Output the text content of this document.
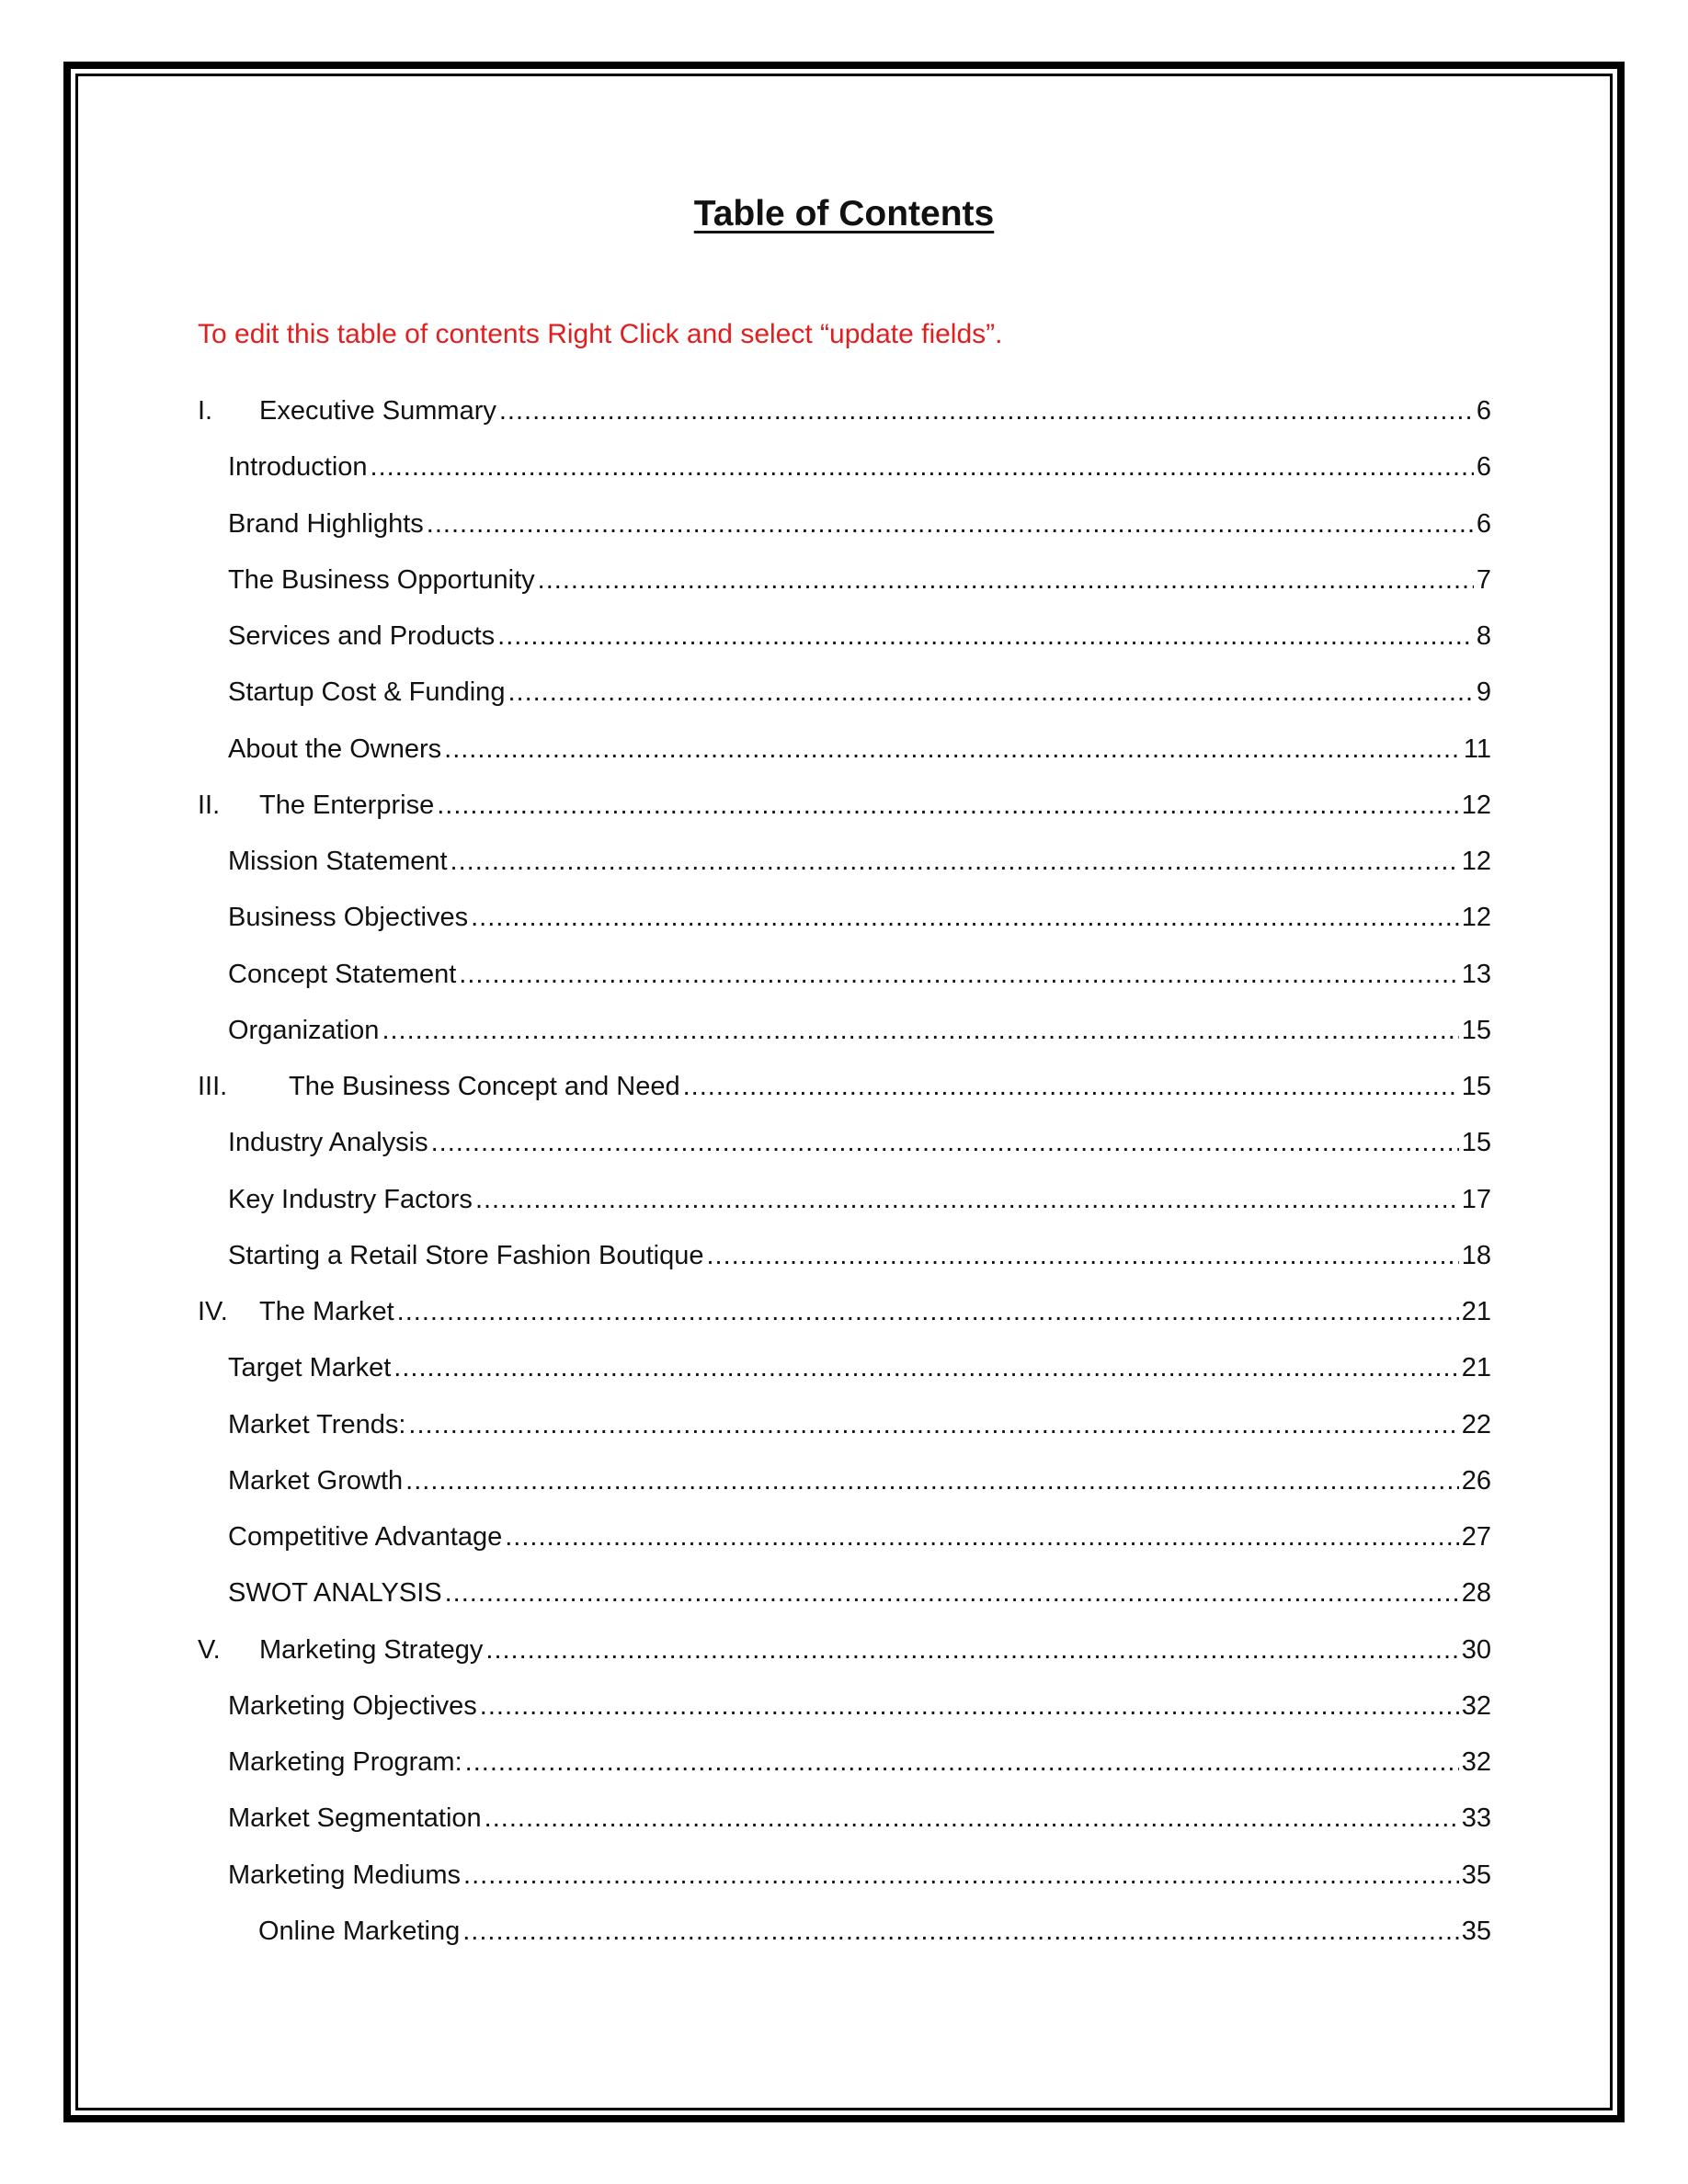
Table of Contents
To edit this table of contents Right Click and select “update fields”.
I.	Executive Summary .....	6
Introduction .....	6
Brand Highlights .....	6
The Business Opportunity .....	7
Services and Products .....	8
Startup Cost & Funding .....	9
About the Owners .....	11
II.	The Enterprise .....	12
Mission Statement .....	12
Business Objectives .....	12
Concept Statement .....	13
Organization .....	15
III.	The Business Concept and Need .....	15
Industry Analysis .....	15
Key Industry Factors .....	17
Starting a Retail Store Fashion Boutique .....	18
IV.	The Market .....	21
Target Market .....	21
Market Trends: .....	22
Market Growth .....	26
Competitive Advantage .....	27
SWOT ANALYSIS .....	28
V.	Marketing Strategy .....	30
Marketing Objectives .....	32
Marketing Program: .....	32
Market Segmentation .....	33
Marketing Mediums .....	35
Online Marketing .....	35
